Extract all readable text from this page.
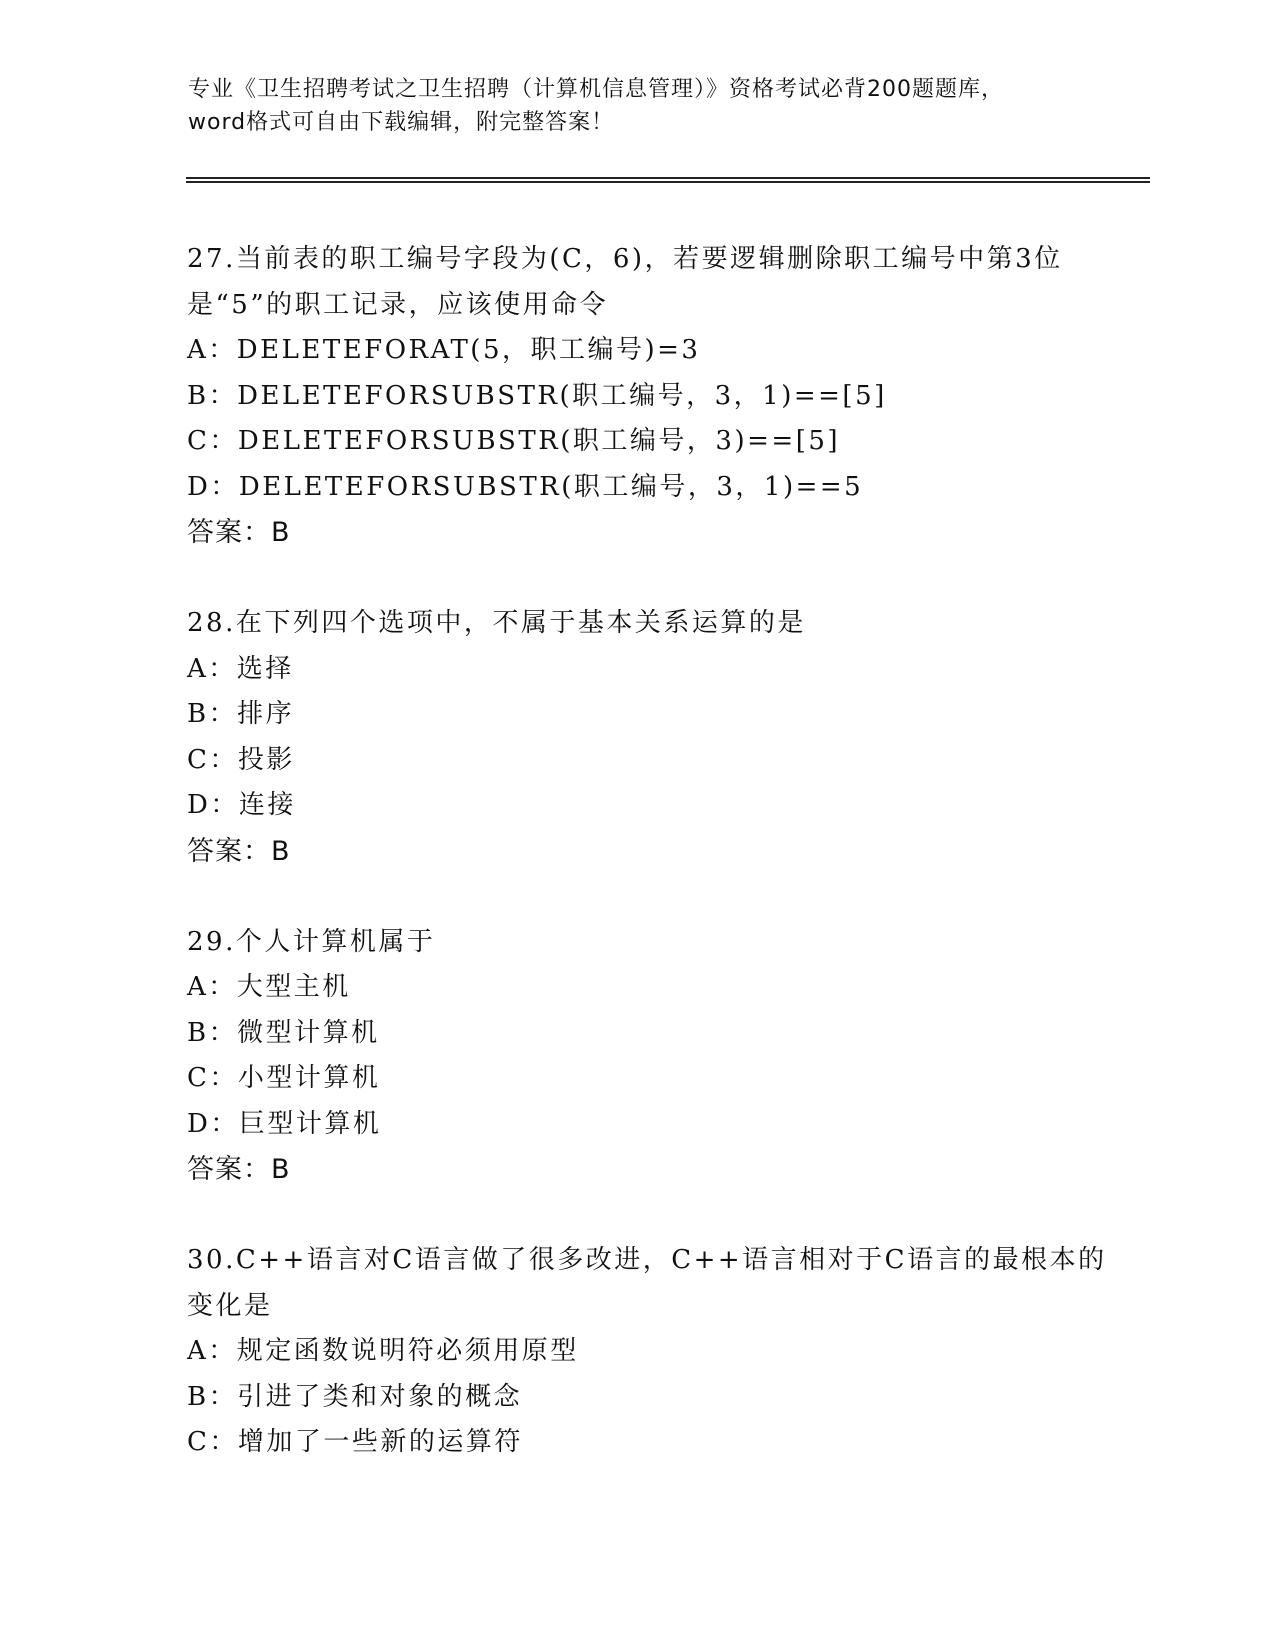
专业《卫生招聘考试之卫生招聘（计算机信息管理）》资格考试必背200题题库，
word格式可自由下载编辑，附完整答案！
27.当前表的职工编号字段为(C，6)，若要逻辑删除职工编号中第3位
是“5”的职工记录，应该使用命令
A：DELETEFORAT(5，职工编号)=3
B：DELETEFORSUBSTR(职工编号，3，1)==[5]
C：DELETEFORSUBSTR(职工编号，3)==[5]
D：DELETEFORSUBSTR(职工编号，3，1)==5
答案：B
28.在下列四个选项中，不属于基本关系运算的是
A：选择
B：排序
C：投影
D：连接
答案：B
29.个人计算机属于
A：大型主机
B：微型计算机
C：小型计算机
D：巨型计算机
答案：B
30.C++语言对C语言做了很多改进，C++语言相对于C语言的最根本的
变化是
A：规定函数说明符必须用原型
B：引进了类和对象的概念
C：增加了一些新的运算符
